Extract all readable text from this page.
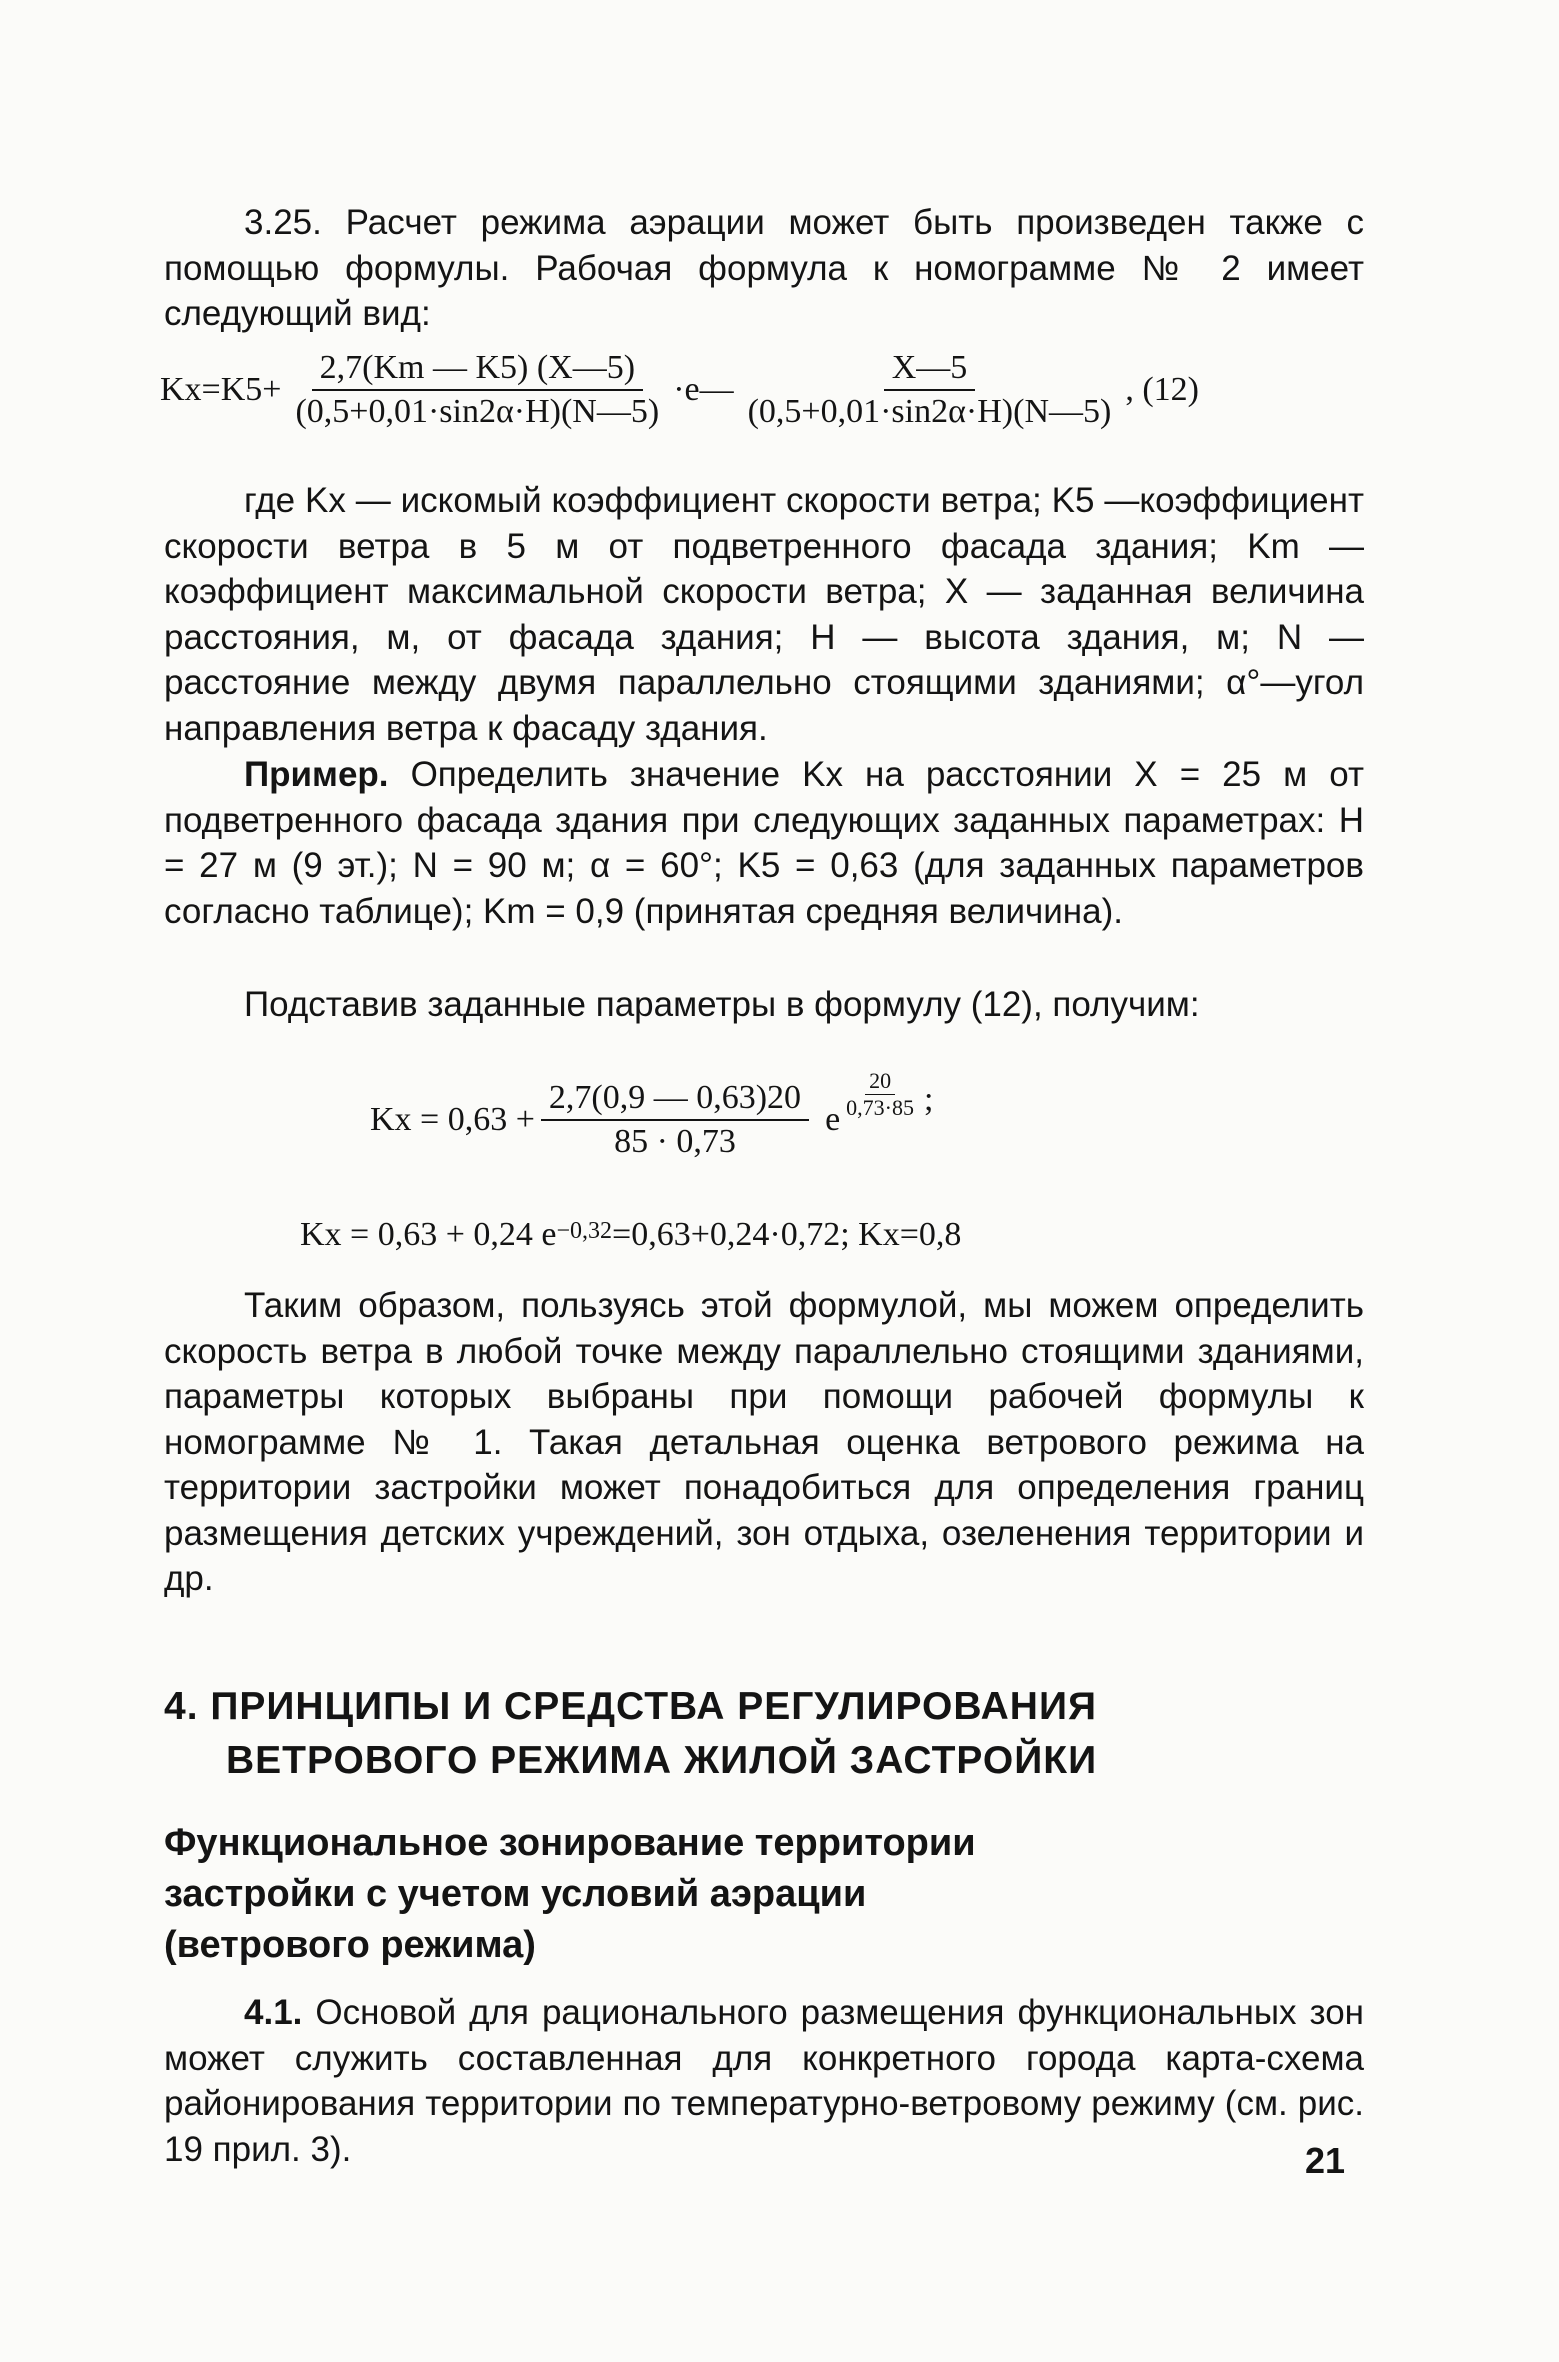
3.25. Расчет режима аэрации может быть произведен также с помощью формулы. Рабочая формула к номограмме № 2 имеет следующий вид:

$Kx=K5+ \frac{2,7(Km — K5) (X—5)}{(0,5+0,01\cdot\sin 2\alpha\cdot H)(N—5)}$ ·e— $\frac{X—5}{(0,5+0,01\cdot\sin 2\alpha\cdot H)(N—5)}$ , (12)

где Kx — искомый коэффициент скорости ветра; K5 —коэффициент скорости ветра в 5 м от подветренного фасада здания; Km — коэффициент максимальной скорости ветра; X — заданная величина расстояния, м, от фасада здания; H — высота здания, м; N — расстояние между двумя параллельно стоящими зданиями; α°—угол направления ветра к фасаду здания.

Пример. Определить значение Kx на расстоянии X = 25 м от подветренного фасада здания при следующих заданных параметрах: H = 27 м (9 эт.); N = 90 м; α = 60°; K5 = 0,63 (для заданных параметров согласно таблице); Km = 0,9 (принятая средняя величина).

Подставив заданные параметры в формулу (12), получим:

$Kx = 0,63 + \frac{2,7(0,9 — 0,63)20}{85 \cdot 0,73}$ e $\frac{20}{0,73\cdot 85}$ ;
Kx = 0,63 + 0,24 $e^{-0,32} =0,63+0,24\cdot 0,72$; Kx=0,8

Таким образом, пользуясь этой формулой, мы можем определить скорость ветра в любой точке между параллельно стоящими зданиями, параметры которых выбраны при помощи рабочей формулы к номограмме № 1. Такая детальная оценка ветрового режима на территории застройки может понадобиться для определения границ размещения детских учреждений, зон отдыха, озеленения территории и др.

4. ПРИНЦИПЫ И СРЕДСТВА РЕГУЛИРОВАНИЯ
ВЕТРОВОГО РЕЖИМА ЖИЛОЙ ЗАСТРОЙКИ
Функциональное зонирование территории
застройки с учетом условий аэрации
(ветрового режима)

4.1. Основой для рационального размещения функциональных зон может служить составленная для конкретного города карта-схема районирования территории по температурно-ветровому режиму (см. рис. 19 прил. 3).	21
